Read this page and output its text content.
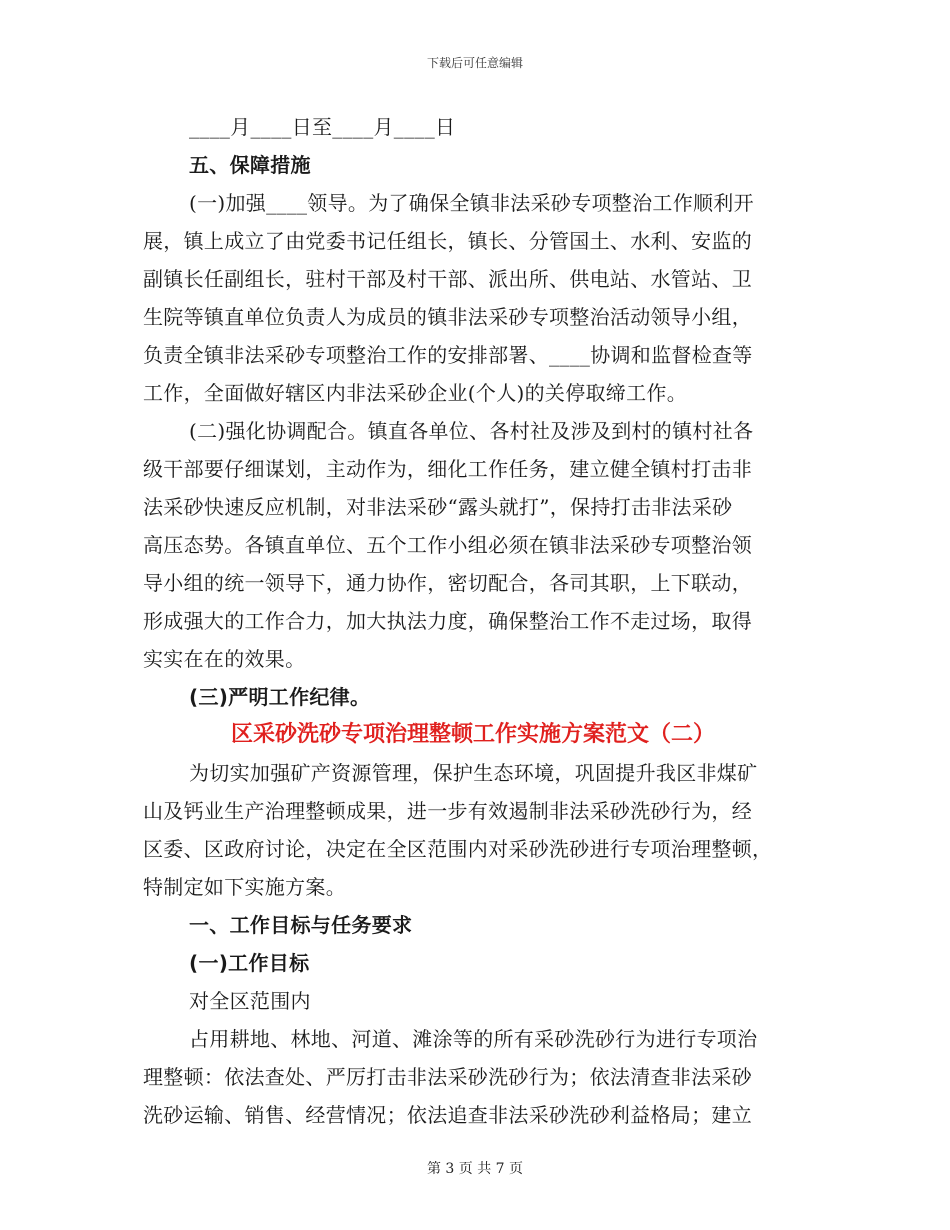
下载后可任意编辑
____月____日至____月____日
五、保障措施
(一)加强____领导。为了确保全镇非法采砂专项整治工作顺利开
展，镇上成立了由党委书记任组长，镇长、分管国土、水利、安监的
副镇长任副组长，驻村干部及村干部、派出所、供电站、水管站、卫
生院等镇直单位负责人为成员的镇非法采砂专项整治活动领导小组，
负责全镇非法采砂专项整治工作的安排部署、____协调和监督检查等
工作，全面做好辖区内非法采砂企业(个人)的关停取缔工作。
(二)强化协调配合。镇直各单位、各村社及涉及到村的镇村社各
级干部要仔细谋划，主动作为，细化工作任务，建立健全镇村打击非
法采砂快速反应机制，对非法采砂“露头就打”，保持打击非法采砂
高压态势。各镇直单位、五个工作小组必须在镇非法采砂专项整治领
导小组的统一领导下，通力协作，密切配合，各司其职，上下联动，
形成强大的工作合力，加大执法力度，确保整治工作不走过场，取得
实实在在的效果。
(三)严明工作纪律。
区采砂洗砂专项治理整顿工作实施方案范文（二）
为切实加强矿产资源管理，保护生态环境，巩固提升我区非煤矿
山及钙业生产治理整顿成果，进一步有效遏制非法采砂洗砂行为，经
区委、区政府讨论，决定在全区范围内对采砂洗砂进行专项治理整顿，
特制定如下实施方案。
一、工作目标与任务要求
(一)工作目标
对全区范围内
占用耕地、林地、河道、滩涂等的所有采砂洗砂行为进行专项治
理整顿：依法查处、严厉打击非法采砂洗砂行为；依法清查非法采砂
洗砂运输、销售、经营情况；依法追查非法采砂洗砂利益格局；建立
第 3 页 共 7 页
